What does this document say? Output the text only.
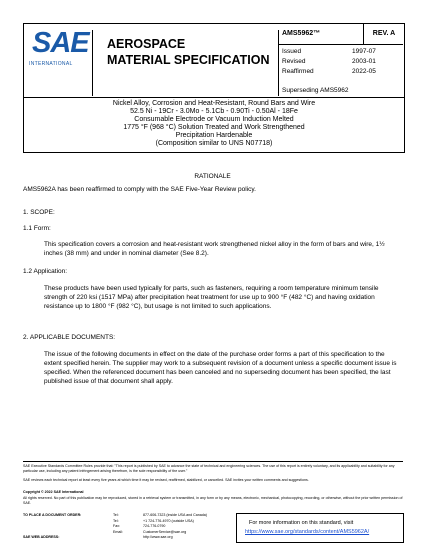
SAE
INTERNATIONAL
AEROSPACE
MATERIAL SPECIFICATION
AMS5962™	REV. A
Issued	1997-07
Revised	2003-01
Reaffirmed	2022-05
Superseding AMS5962
Nickel Alloy, Corrosion and Heat-Resistant, Round Bars and Wire
52.5 Ni - 19Cr - 3.0Mo - 5.1Cb - 0.90Ti - 0.50Al - 18Fe
Consumable Electrode or Vacuum Induction Melted
1775 °F (968 °C) Solution Treated and Work Strengthened
Precipitation Hardenable
(Composition similar to UNS N07718)
RATIONALE
AMS5962A has been reaffirmed to comply with the SAE Five-Year Review policy.
1. SCOPE:
1.1 Form:
This specification covers a corrosion and heat-resistant work strengthened nickel alloy in the form of bars and wire, 1½ inches (38 mm) and under in nominal diameter (See 8.2).
1.2 Application:
These products have been used typically for parts, such as fasteners, requiring a room temperature minimum tensile strength of 220 ksi (1517 MPa) after precipitation heat treatment for use up to 900 °F (482 °C) and having oxidation resistance up to 1800 °F (982 °C), but usage is not limited to such applications.
2. APPLICABLE DOCUMENTS:
The issue of the following documents in effect on the date of the purchase order forms a part of this specification to the extent specified herein. The supplier may work to a subsequent revision of a document unless a specific document issue is specified. When the referenced document has been canceled and no superseding document has been specified, the last published issue of that document shall apply.
SAE Executive Standards Committee Rules provide that: "This report is published by SAE to advance the state of technical and engineering sciences. The use of this report is entirely voluntary, and its applicability and suitability for any particular use, including any patent infringement arising therefrom, is the sole responsibility of the user."
SAE reviews each technical report at least every five years at which time it may be revised, reaffirmed, stabilized, or cancelled. SAE invites your written comments and suggestions.
Copyright © 2022 SAE International
All rights reserved. No part of this publication may be reproduced, stored in a retrieval system or transmitted, in any form or by any means, electronic, mechanical, photocopying, recording, or otherwise, without the prior written permission of SAE.
TO PLACE A DOCUMENT ORDER:	Tel:	877-606-7323 (inside USA and Canada)
Tel:	+1 724-776-4970 (outside USA)
Fax:	724-776-0790
Email:	CustomerService@sae.org
SAE WEB ADDRESS:	http://www.sae.org
For more information on this standard, visit
https://www.sae.org/standards/content/AMS5962A/
